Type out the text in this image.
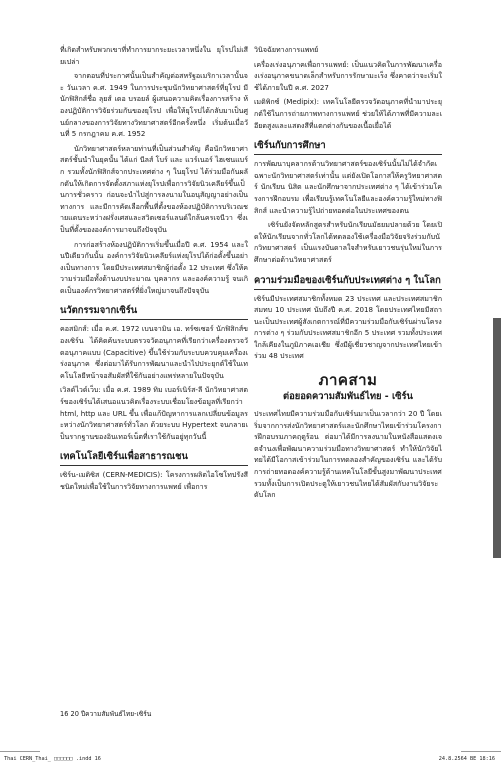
ที่เกิดสำหรับพวกเขาที่ทำการยากระยะเวลาหนึ่งใน ยุโรปไม่เสียเปล่า

จากตอนที่ประกาศนั้นเป็นสำคัญต่อสหรัฐอเมริกาเวลานั้นจะ วันเวลา ค.ศ. 1949 ในการประชุมนักวิทยาศาสตร์ที่ยุโรป มีนักฟิสิกส์ชื่อ ลุยส์ เดอ บรอยล์ ผู้เสนอความคิดเรื่องการสร้าง ห้องปฏิบัติการวิจัยร่วมกันของยุโรป เพื่อให้ยุโรปได้กลับมาเป็นศูนย์กลางของการวิจัยทางวิทยาศาสตร์อีกครั้งหนึ่ง เริ่มต้นเมื่อวันที่ 5 กรกฎาคม ค.ศ. 1952

นักวิทยาศาสตร์หลายท่านที่เป็นส่วนสำคัญ คือนักวิทยาศาสตร์ชั้นนำในยุคนั้น ได้แก่ นีลส์ โบร์ และ แวร์เนอร์ ไฮเซนแบร์ก รวมทั้งนักฟิสิกส์จากประเทศต่าง ๆ ในยุโรป ได้ร่วมมือกันผลักดันให้เกิดการจัดตั้งสภาแห่งยุโรปเพื่อการวิจัยนิวเคลียร์ขึ้นเป็นการชั่วคราว ก่อนจะนำไปสู่การลงนามในอนุสัญญาอย่างเป็นทางการ และมีการคัดเลือกพื้นที่ตั้งของห้องปฏิบัติการบริเวณชายแดนระหว่างฝรั่งเศสและสวิตเซอร์แลนด์ใกล้นครเจนีวา ซึ่งเป็นที่ตั้งขององค์การมาจนถึงปัจจุบัน

การก่อสร้างห้องปฏิบัติการเริ่มขึ้นเมื่อปี ค.ศ. 1954 และในปีเดียวกันนั้น องค์การวิจัยนิวเคลียร์แห่งยุโรปได้ก่อตั้งขึ้นอย่างเป็นทางการ โดยมีประเทศสมาชิกผู้ก่อตั้ง 12 ประเทศ ซึ่งให้ความร่วมมือทั้งด้านงบประมาณ บุคลากร และองค์ความรู้ จนเกิดเป็นองค์กรวิทยาศาสตร์ที่ยิ่งใหญ่มาจนถึงปัจจุบัน

นวัตกรรมจากเซิร์น

คอสมิกส์: เมื่อ ค.ศ. 1972 เบนจามิน เอ. ทร์ซเซอร์ นักฟิสิกส์ของเซิร์น ได้คิดค้นระบบตรวจวัดอนุภาคที่เรียกว่าเครื่องตรวจวัดอนุภาคแบบ (Capacitive) ขึ้นใช้ร่วมกับระบบควบคุมเครื่องเร่งอนุภาค ซึ่งต่อมาได้รับการพัฒนาและนำไปประยุกต์ใช้ในเทคโนโลยีหน้าจอสัมผัสที่ใช้กันอย่างแพร่หลายในปัจจุบัน

เวิลด์ไวด์เว็บ: เมื่อ ค.ศ. 1989 ทิม เบอร์เนิร์ส-ลี นักวิทยาศาสตร์ของเซิร์นได้เสนอแนวคิดเรื่องระบบเชื่อมโยงข้อมูลที่เรียกว่า html, http และ URL ขึ้น เพื่อแก้ปัญหาการแลกเปลี่ยนข้อมูลระหว่างนักวิทยาศาสตร์ทั่วโลก ด้วยระบบ Hypertext จนกลายเป็นรากฐานของอินเทอร์เน็ตที่เราใช้กันอยู่ทุกวันนี้

เทคโนโลยีเซิร์นเพื่อสาธารณชน

เซิร์น-เมดิซิส (CERN-MEDICIS): โครงการผลิตไอโซโทปรังสีชนิดใหม่เพื่อใช้ในการวิจัยทางการแพทย์ เพื่อการ

วินิจฉัยทางการแพทย์

เครื่องเร่งอนุภาคเพื่อการแพทย์: เป็นแนวคิดในการพัฒนาเครื่องเร่งอนุภาคขนาดเล็กสำหรับการรักษามะเร็ง ซึ่งคาดว่าจะเริ่มใช้ได้ภายในปี ค.ศ. 2027

เมดิพิกซ์ (Medipix): เทคโนโลยีตรวจวัดอนุภาคที่นำมาประยุกต์ใช้ในการถ่ายภาพทางการแพทย์ ช่วยให้ได้ภาพที่มีความละเอียดสูงและแสดงสีที่แตกต่างกันของเนื้อเยื่อได้

เซิร์นกับการศึกษา

การพัฒนาบุคลากรด้านวิทยาศาสตร์ของเซิร์นนั้นไม่ได้จำกัดเฉพาะนักวิทยาศาสตร์เท่านั้น แต่ยังเปิดโอกาสให้ครูวิทยาศาสตร์ นักเรียน นิสิต และนักศึกษาจากประเทศต่าง ๆ ได้เข้าร่วมโครงการฝึกอบรม เพื่อเรียนรู้เทคโนโลยีและองค์ความรู้ใหม่ทางฟิสิกส์ และนำความรู้ไปถ่ายทอดต่อในประเทศของตน

เซิร์นยังจัดหลักสูตรสำหรับนักเรียนมัธยมปลายด้วย โดยเปิดให้นักเรียนจากทั่วโลกได้ทดลองใช้เครื่องมือวิจัยจริงร่วมกับนักวิทยาศาสตร์ เป็นแรงบันดาลใจสำหรับเยาวชนรุ่นใหม่ในการศึกษาต่อด้านวิทยาศาสตร์

ความร่วมมือของเซิร์นกับประเทศต่าง ๆ ในโลก

เซิร์นมีประเทศสมาชิกทั้งหมด 23 ประเทศ และประเทศสมาชิกสมทบ 10 ประเทศ นับถึงปี ค.ศ. 2018 โดยประเทศไทยมีสถานะเป็นประเทศผู้สังเกตการณ์ที่มีความร่วมมือกับเซิร์นผ่านโครงการต่าง ๆ ร่วมกับประเทศสมาชิกอีก 5 ประเทศ รวมทั้งประเทศใกล้เคียงในภูมิภาคเอเชีย ซึ่งมีผู้เชี่ยวชาญจากประเทศไทยเข้าร่วม 48 ประเทศ

ภาคสาม
ต่อยอดความสัมพันธ์ไทย - เซิร์น

ประเทศไทยมีความร่วมมือกับเซิร์นมาเป็นเวลากว่า 20 ปี โดยเริ่มจากการส่งนักวิทยาศาสตร์และนักศึกษาไทยเข้าร่วมโครงการฝึกอบรมภาคฤดูร้อน ต่อมาได้มีการลงนามในหนังสือแสดงเจตจำนงเพื่อพัฒนาความร่วมมือทางวิทยาศาสตร์ ทำให้นักวิจัยไทยได้มีโอกาสเข้าร่วมในการทดลองสำคัญของเซิร์น และได้รับการถ่ายทอดองค์ความรู้ด้านเทคโนโลยีขั้นสูงมาพัฒนาประเทศ รวมทั้งเป็นการเปิดประตูให้เยาวชนไทยได้สัมผัสกับงานวิจัยระดับโลก

16 20 ปีความสัมพันธ์ไทย-เซิร์น
Thai CERN_Thai_ □□□□□□ .indd 16	24.8.2564 BE 18:16
